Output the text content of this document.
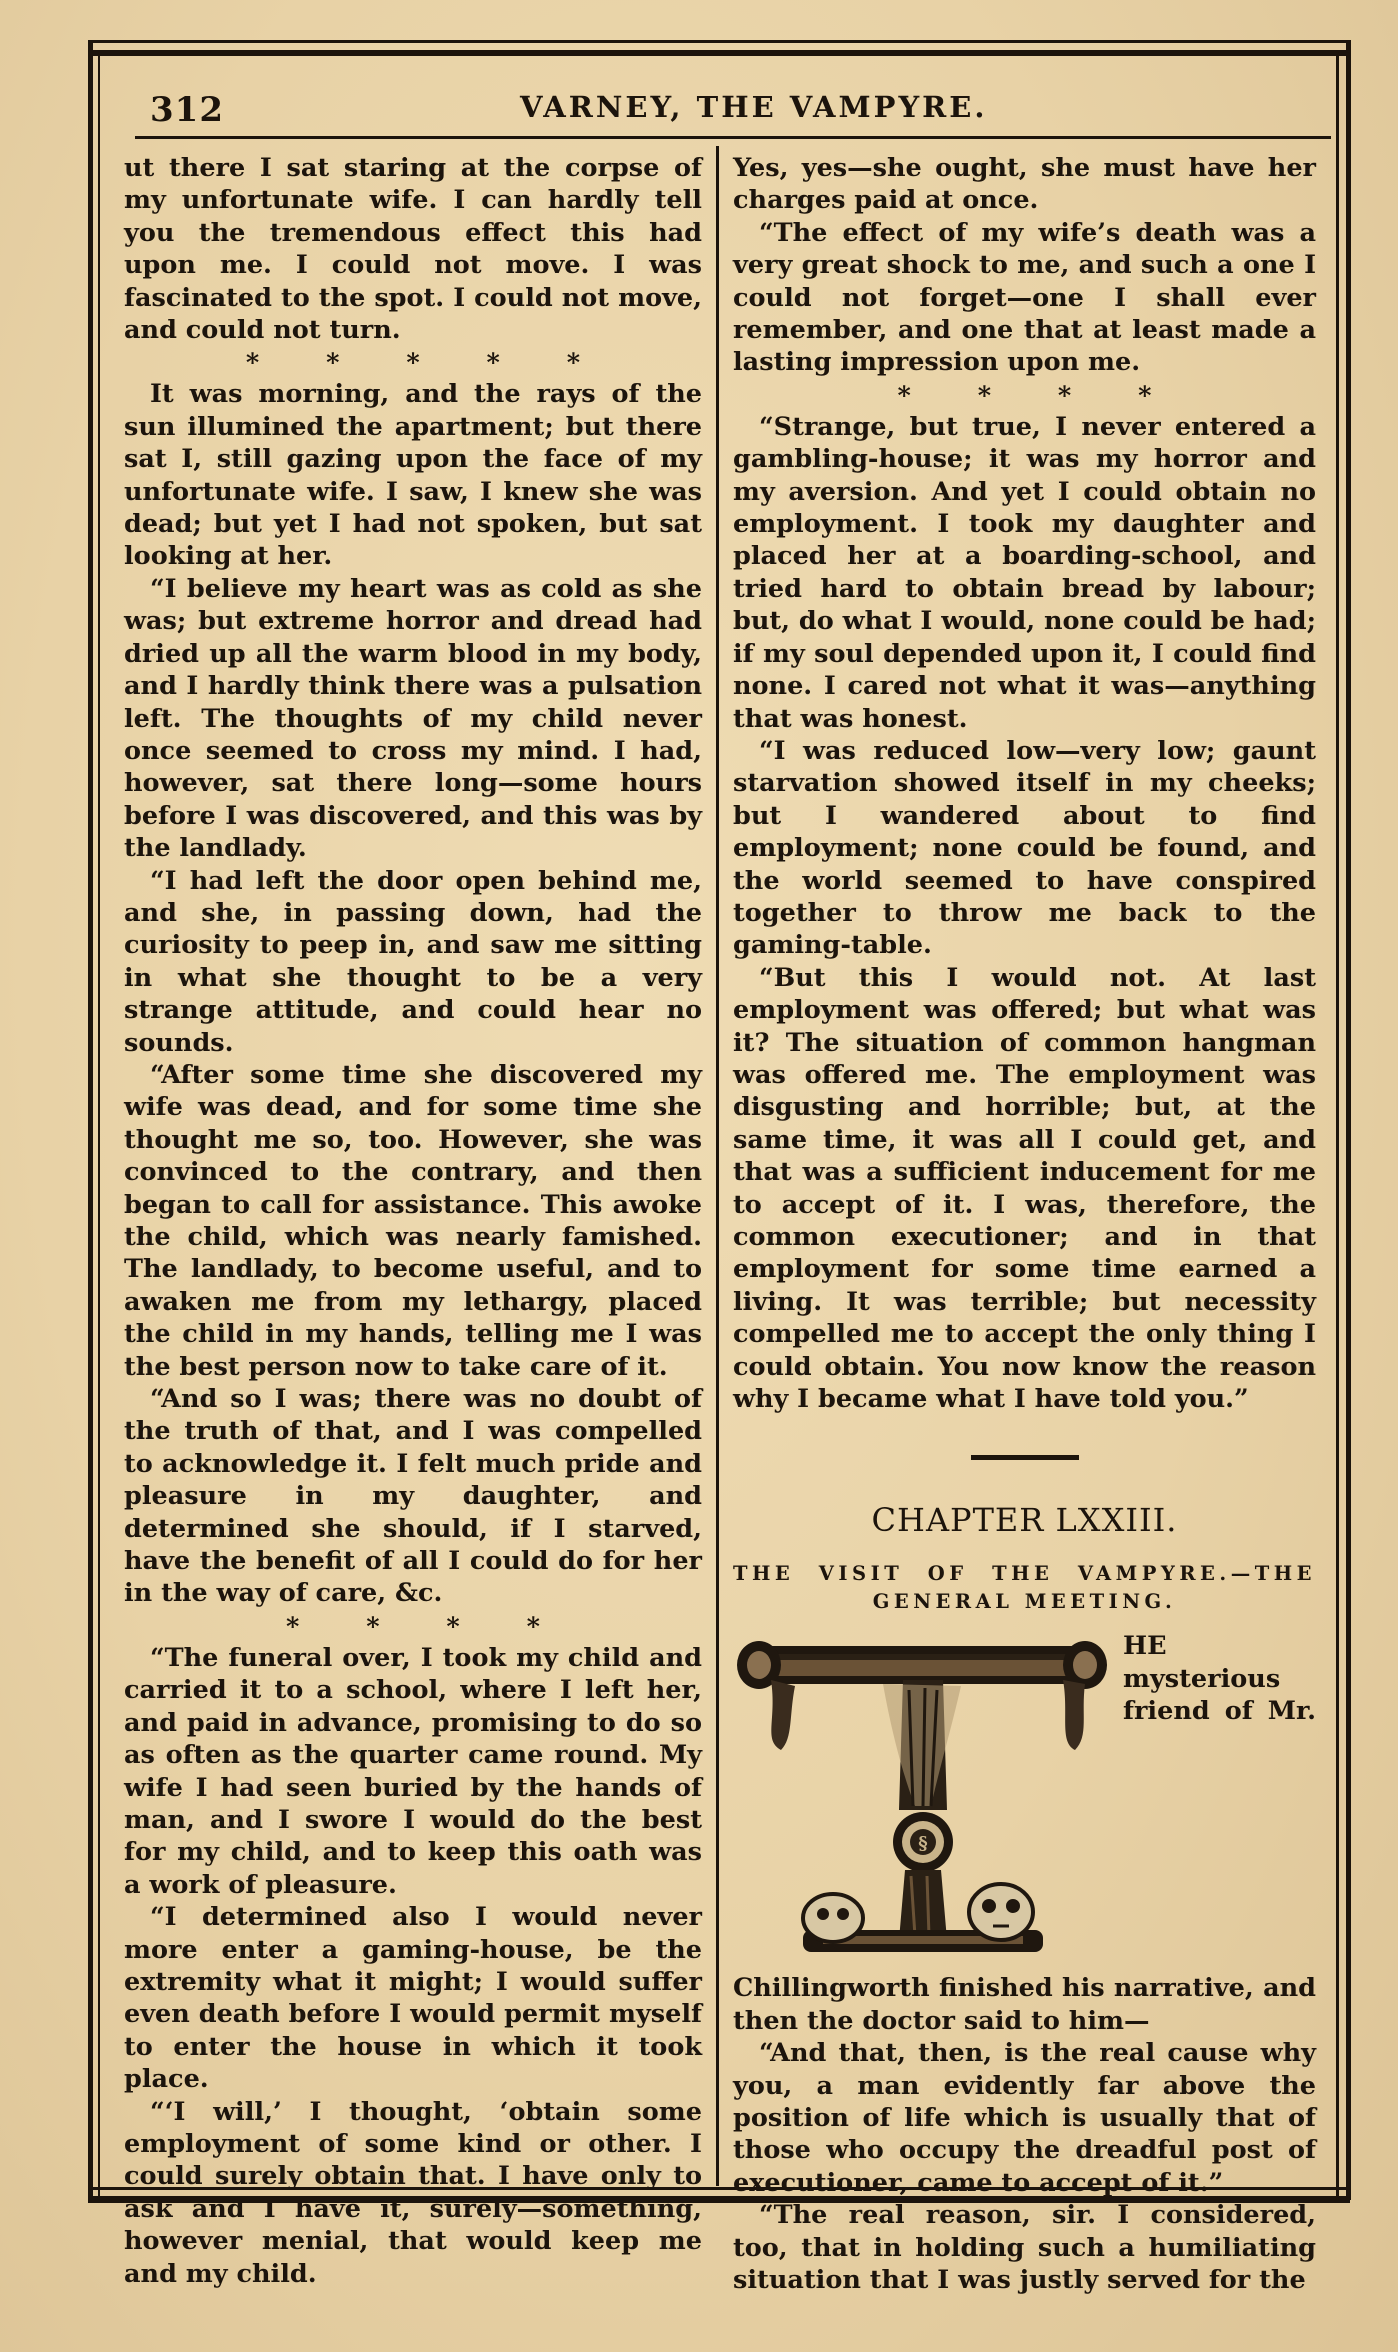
312	VARNEY, THE VAMPYRE.

ut there I sat staring at the corpse of my unfortunate wife. I can hardly tell you the tremendous effect this had upon me. I could not move. I was fascinated to the spot. I could not move, and could not turn.

* * * * *

It was morning, and the rays of the sun illumined the apartment; but there sat I, still gazing upon the face of my unfortunate wife. I saw, I knew she was dead; but yet I had not spoken, but sat looking at her.

“I believe my heart was as cold as she was; but extreme horror and dread had dried up all the warm blood in my body, and I hardly think there was a pulsation left. The thoughts of my child never once seemed to cross my mind. I had, however, sat there long—some hours before I was discovered, and this was by the landlady.

“I had left the door open behind me, and she, in passing down, had the curiosity to peep in, and saw me sitting in what she thought to be a very strange attitude, and could hear no sounds.

“After some time she discovered my wife was dead, and for some time she thought me so, too. However, she was convinced to the contrary, and then began to call for assistance. This awoke the child, which was nearly famished. The landlady, to become useful, and to awaken me from my lethargy, placed the child in my hands, telling me I was the best person now to take care of it.

“And so I was; there was no doubt of the truth of that, and I was compelled to acknowledge it. I felt much pride and pleasure in my daughter, and determined she should, if I starved, have the benefit of all I could do for her in the way of care, &c.

* * * *

“The funeral over, I took my child and carried it to a school, where I left her, and paid in advance, promising to do so as often as the quarter came round. My wife I had seen buried by the hands of man, and I swore I would do the best for my child, and to keep this oath was a work of pleasure.

“I determined also I would never more enter a gaming-house, be the extremity what it might; I would suffer even death before I would permit myself to enter the house in which it took place.

“‘I will,’ I thought, ‘obtain some employment of some kind or other. I could surely obtain that. I have only to ask and I have it, surely—something, however menial, that would keep me and my child.

Yes, yes—she ought, she must have her charges paid at once.

“The effect of my wife’s death was a very great shock to me, and such a one I could not forget—one I shall ever remember, and one that at least made a lasting impression upon me.

* * * *

“Strange, but true, I never entered a gambling-house; it was my horror and my aversion. And yet I could obtain no employment. I took my daughter and placed her at a boarding-school, and tried hard to obtain bread by labour; but, do what I would, none could be had; if my soul depended upon it, I could find none. I cared not what it was—anything that was honest.

“I was reduced low—very low; gaunt starvation showed itself in my cheeks; but I wandered about to find employment; none could be found, and the world seemed to have conspired together to throw me back to the gaming-table.

“But this I would not. At last employment was offered; but what was it? The situation of common hangman was offered me. The employment was disgusting and horrible; but, at the same time, it was all I could get, and that was a sufficient inducement for me to accept of it. I was, therefore, the common executioner; and in that employment for some time earned a living. It was terrible; but necessity compelled me to accept the only thing I could obtain. You now know the reason why I became what I have told you.”

CHAPTER LXXIII.
THE VISIT OF THE VAMPYRE.—THE
GENERAL MEETING.
§

HE mysterious friend of Mr. Chillingworth finished his narrative, and then the doctor said to him—

“And that, then, is the real cause why you, a man evidently far above the position of life which is usually that of those who occupy the dreadful post of executioner, came to accept of it.”

“The real reason, sir. I considered, too, that in holding such a humiliating situation that I was justly served for the
